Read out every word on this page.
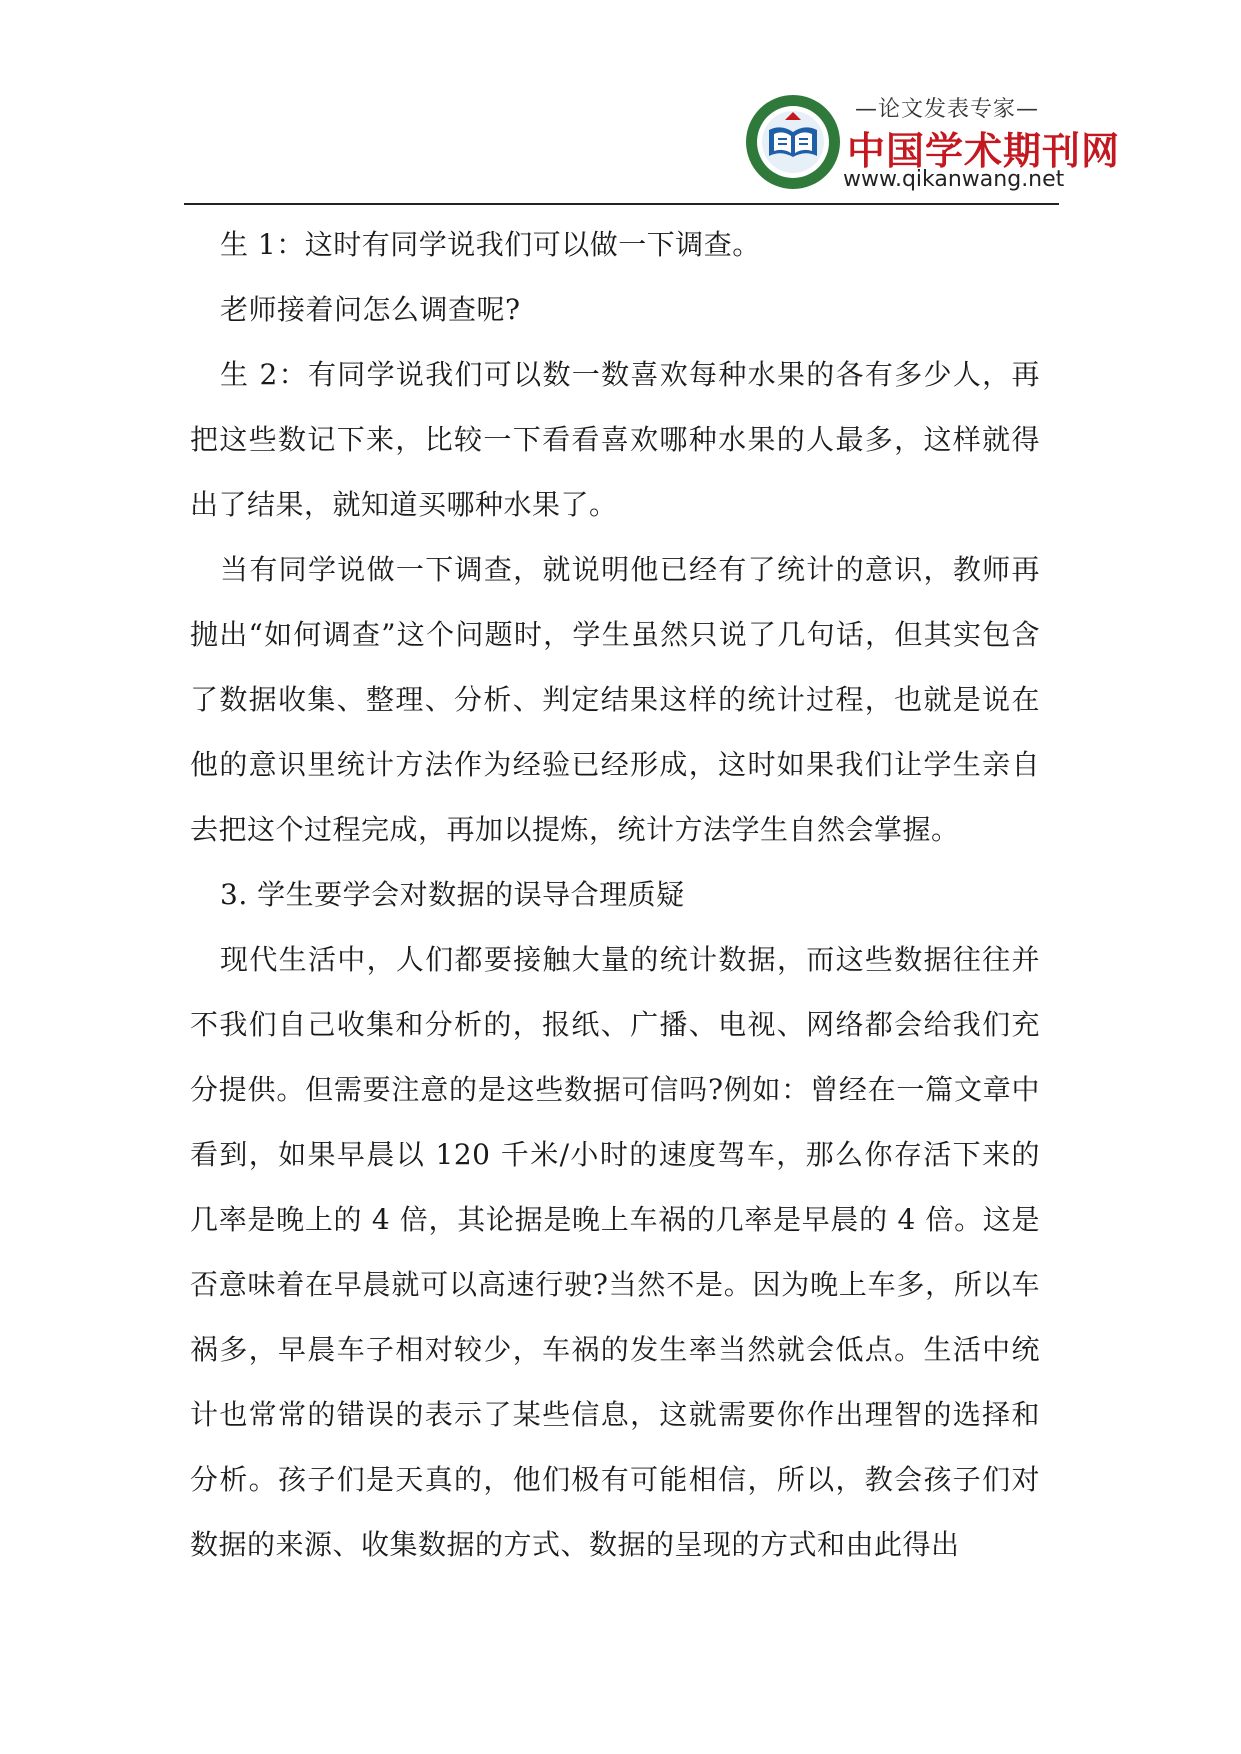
—论文发表专家—
中国学术期刊网
www.qikanwang.net

生 1：这时有同学说我们可以做一下调查。

老师接着问怎么调查呢?

生 2：有同学说我们可以数一数喜欢每种水果的各有多少人，再把这些数记下来，比较一下看看喜欢哪种水果的人最多，这样就得出了结果，就知道买哪种水果了。

当有同学说做一下调查，就说明他已经有了统计的意识，教师再抛出“如何调查”这个问题时，学生虽然只说了几句话，但其实包含了数据收集、整理、分析、判定结果这样的统计过程，也就是说在他的意识里统计方法作为经验已经形成，这时如果我们让学生亲自去把这个过程完成，再加以提炼，统计方法学生自然会掌握。

3. 学生要学会对数据的误导合理质疑

现代生活中，人们都要接触大量的统计数据，而这些数据往往并不我们自己收集和分析的，报纸、广播、电视、网络都会给我们充分提供。但需要注意的是这些数据可信吗?例如：曾经在一篇文章中看到，如果早晨以 120 千米/小时的速度驾车，那么你存活下来的几率是晚上的 4 倍，其论据是晚上车祸的几率是早晨的 4 倍。这是否意味着在早晨就可以高速行驶?当然不是。因为晚上车多，所以车祸多，早晨车子相对较少，车祸的发生率当然就会低点。生活中统计也常常的错误的表示了某些信息，这就需要你作出理智的选择和分析。孩子们是天真的，他们极有可能相信，所以，教会孩子们对数据的来源、收集数据的方式、数据的呈现的方式和由此得出
